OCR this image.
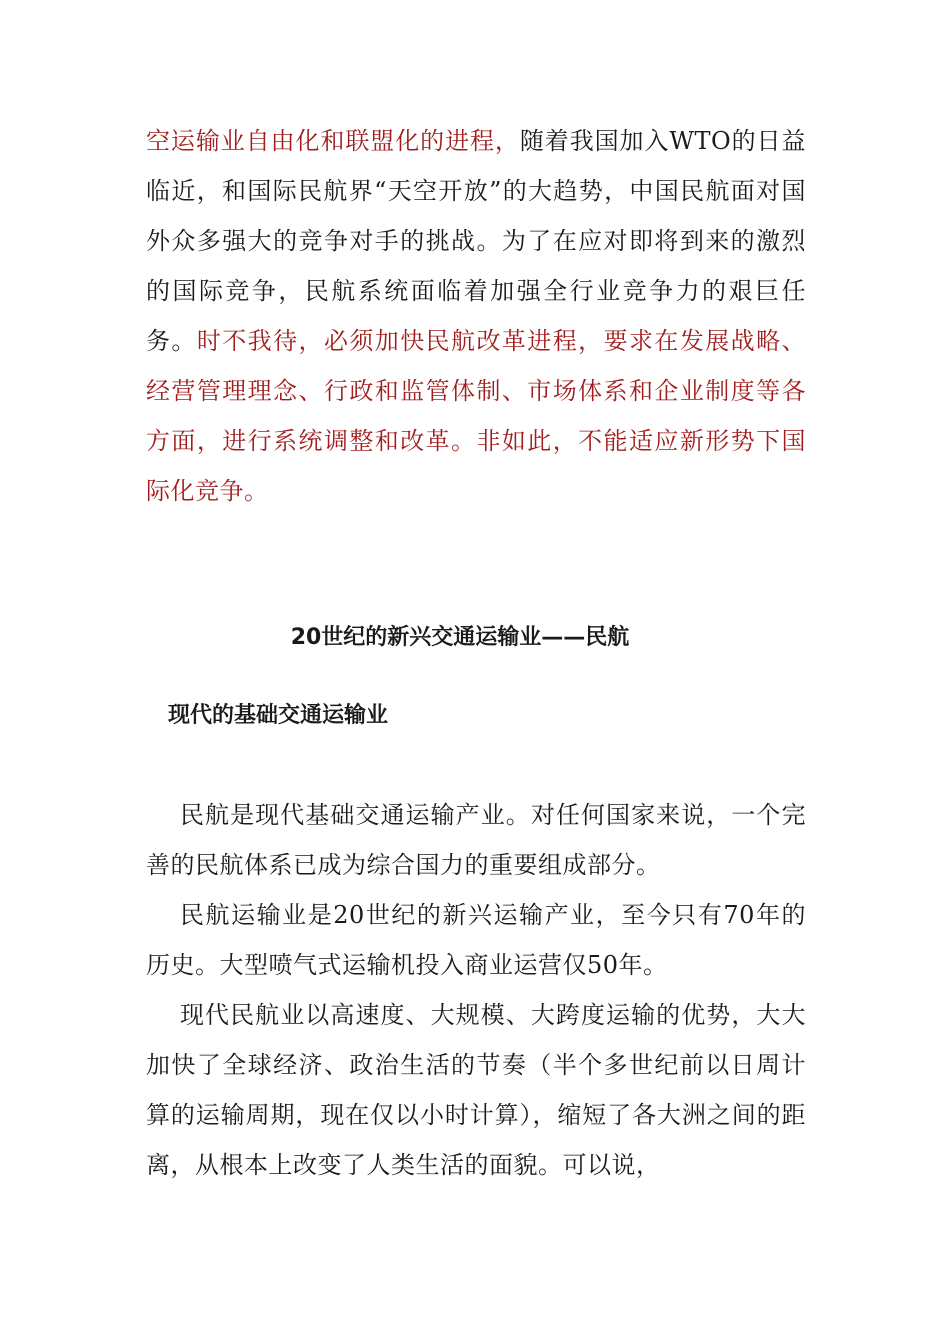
空运输业自由化和联盟化的进程，随着我国加入WTO的日益临近，和国际民航界“天空开放”的大趋势，中国民航面对国外众多强大的竞争对手的挑战。为了在应对即将到来的激烈的国际竞争，民航系统面临着加强全行业竞争力的艰巨任务。时不我待，必须加快民航改革进程，要求在发展战略、经营管理理念、行政和监管体制、市场体系和企业制度等各方面，进行系统调整和改革。非如此，不能适应新形势下国际化竞争。

20世纪的新兴交通运输业——民航
现代的基础交通运输业

民航是现代基础交通运输产业。对任何国家来说，一个完善的民航体系已成为综合国力的重要组成部分。

民航运输业是20世纪的新兴运输产业，至今只有70年的历史。大型喷气式运输机投入商业运营仅50年。

现代民航业以高速度、大规模、大跨度运输的优势，大大加快了全球经济、政治生活的节奏（半个多世纪前以日周计算的运输周期，现在仅以小时计算），缩短了各大洲之间的距离，从根本上改变了人类生活的面貌。可以说，
